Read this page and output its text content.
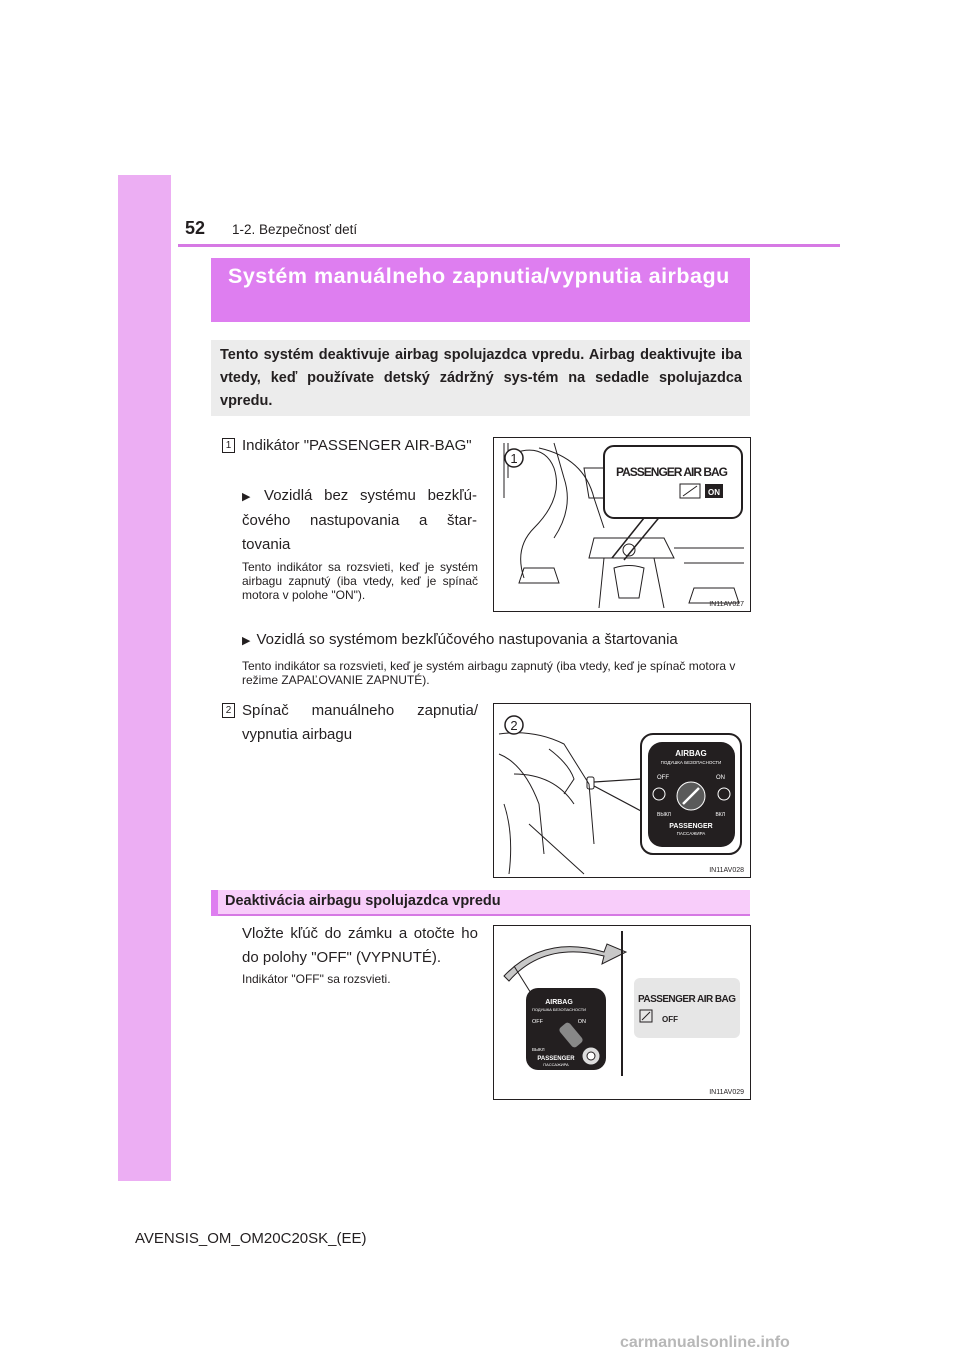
52 1-2. Bezpečnosť detí
Systém manuálneho zapnutia/vypnutia airbagu
Tento systém deaktivuje airbag spolujazdca vpredu. Airbag deaktivujte iba vtedy, keď používate detský zádržný sys-tém na sedadle spolujazdca vpredu.
1 Indikátor "PASSENGER AIR-BAG"
▶ Vozidlá bez systému bezkľú-čového nastupovania a štar-tovania
Tento indikátor sa rozsvieti, keď je systém airbagu zapnutý (iba vtedy, keď je spínač motora v polohe "ON").
▶ Vozidlá so systémom bezkľúčového nastupovania a štartovania
Tento indikátor sa rozsvieti, keď je systém airbagu zapnutý (iba vtedy, keď je spínač motora v režime ZAPAĽOVANIE ZAPNUTÉ).
1
PASSENGER AIR BAG
ON
IN11AV027
2 Spínač manuálneho zapnutia/ vypnutia airbagu
2
AIRBAG
ПОДУШКА БЕЗОПАСНОСТИ
OFF	ON
ВЫКЛ	ВКЛ
PASSENGER
ПАССАЖИРА
IN11AV028
Deaktivácia airbagu spolujazdca vpredu
Vložte kľúč do zámku a otočte ho do polohy "OFF" (VYPNUTÉ).
Indikátor "OFF" sa rozsvieti.
AIRBAG
ПОДУШКА БЕЗОПАСНОСТИ
OFF	ON
ВЫКЛ
PASSENGER
ПАССАЖИРА
PASSENGER AIR BAG
OFF
IN11AV029
AVENSIS_OM_OM20C20SK_(EE)
carmanualsonline.info
